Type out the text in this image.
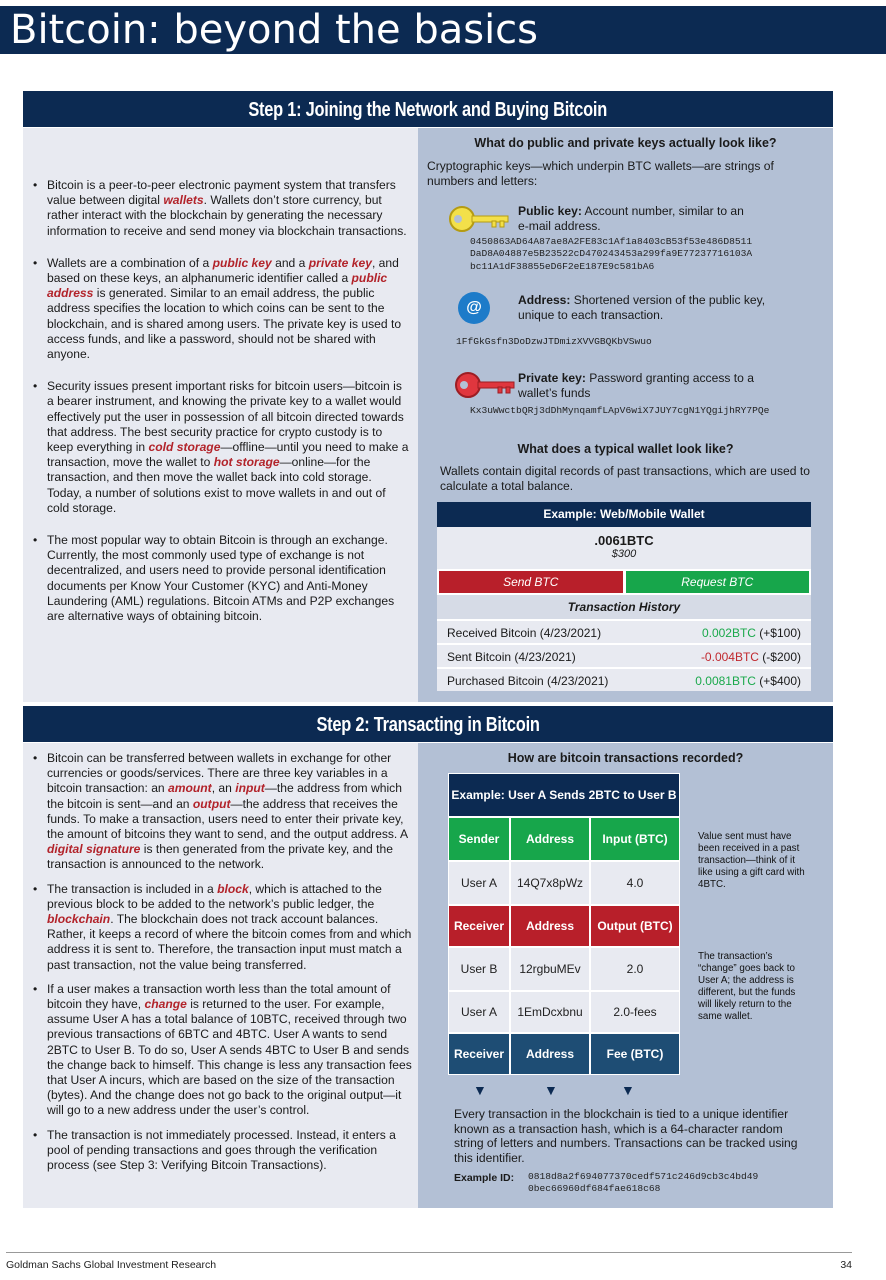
Bitcoin: beyond the basics
Step 1: Joining the Network and Buying Bitcoin
• Bitcoin is a peer-to-peer electronic payment system that transfers value between digital wallets. Wallets don’t store currency, but rather interact with the blockchain by generating the necessary information to receive and send money via blockchain transactions.
• Wallets are a combination of a public key and a private key, and based on these keys, an alphanumeric identifier called a public address is generated. Similar to an email address, the public address specifies the location to which coins can be sent to the blockchain, and is shared among users. The private key is used to access funds, and like a password, should not be shared with anyone.
• Security issues present important risks for bitcoin users—bitcoin is a bearer instrument, and knowing the private key to a wallet would effectively put the user in possession of all bitcoin directed towards that address. The best security practice for crypto custody is to keep everything in cold storage—offline—until you need to make a transaction, move the wallet to hot storage—online—for the transaction, and then move the wallet back into cold storage. Today, a number of solutions exist to move wallets in and out of cold storage.
• The most popular way to obtain Bitcoin is through an exchange. Currently, the most commonly used type of exchange is not decentralized, and users need to provide personal identification documents per Know Your Customer (KYC) and Anti-Money Laundering (AML) regulations. Bitcoin ATMs and P2P exchanges are alternative ways of obtaining bitcoin.
What do public and private keys actually look like?
Cryptographic keys—which underpin BTC wallets—are strings of numbers and letters:
Public key: Account number, similar to an e-mail address.
0450863AD64A87ae8A2FE83c1Af1a8403cB53f53e486D8511 DaD8A04887e5B23522cD470243453a299fa9E77237716103A bc11A1dF38855eD6F2eE187E9c581bA6
@	Address: Shortened version of the public key, unique to each transaction.
1FfGkGsfn3DoDzwJTDmizXVVGBQKbVSwuo
Private key: Password granting access to a wallet’s funds
Kx3uWwctbQRj3dDhMynqamfLApV6wiX7JUY7cgN1YQgijhRY7PQe
What does a typical wallet look like?
Wallets contain digital records of past transactions, which are used to calculate a total balance.
Example: Web/Mobile Wallet
.0061BTC
$300
Send BTC	Request BTC
Transaction History
Received Bitcoin (4/23/2021)	0.002BTC (+$100)
Sent Bitcoin (4/23/2021)	-0.004BTC (-$200)
Purchased Bitcoin (4/23/2021)	0.0081BTC (+$400)
Step 2: Transacting in Bitcoin
• Bitcoin can be transferred between wallets in exchange for other currencies or goods/services. There are three key variables in a bitcoin transaction: an amount, an input—the address from which the bitcoin is sent—and an output—the address that receives the funds. To make a transaction, users need to enter their private key, the amount of bitcoins they want to send, and the output address. A digital signature is then generated from the private key, and the transaction is announced to the network.
• The transaction is included in a block, which is attached to the previous block to be added to the network’s public ledger, the blockchain. The blockchain does not track account balances. Rather, it keeps a record of where the bitcoin comes from and which address it is sent to. Therefore, the transaction input must match a past transaction, not the value being transferred.
• If a user makes a transaction worth less than the total amount of bitcoin they have, change is returned to the user. For example, assume User A has a total balance of 10BTC, received through two previous transactions of 6BTC and 4BTC. User A wants to send 2BTC to User B. To do so, User A sends 4BTC to User B and sends the change back to himself. This change is less any transaction fees that User A incurs, which are based on the size of the transaction (bytes). And the change does not go back to the original output—it will go to a new address under the user’s control.
• The transaction is not immediately processed. Instead, it enters a pool of pending transactions and goes through the verification process (see Step 3: Verifying Bitcoin Transactions).
How are bitcoin transactions recorded?
Value sent must have been received in a past transaction—think of it like using a gift card with 4BTC.
The transaction’s “change” goes back to User A; the address is different, but the funds will likely return to the same wallet.
Every transaction in the blockchain is tied to a unique identifier known as a transaction hash, which is a 64-character random string of letters and numbers. Transactions can be tracked using this identifier.
Example ID: 0818d8a2f694077370cedf571c246d9cb3c4bd49 0bec66960df684fae618c68
Example: User A Sends 2BTC to User B
Sender	Address	Input (BTC)
User A	14Q7x8pWz	4.0
Receiver	Address	Output (BTC)
User B	12rgbuMEv	2.0
User A	1EmDcxbnu	2.0-fees
Receiver	Address	Fee (BTC)
▼	▼	▼
Goldman Sachs Global Investment Research	34
